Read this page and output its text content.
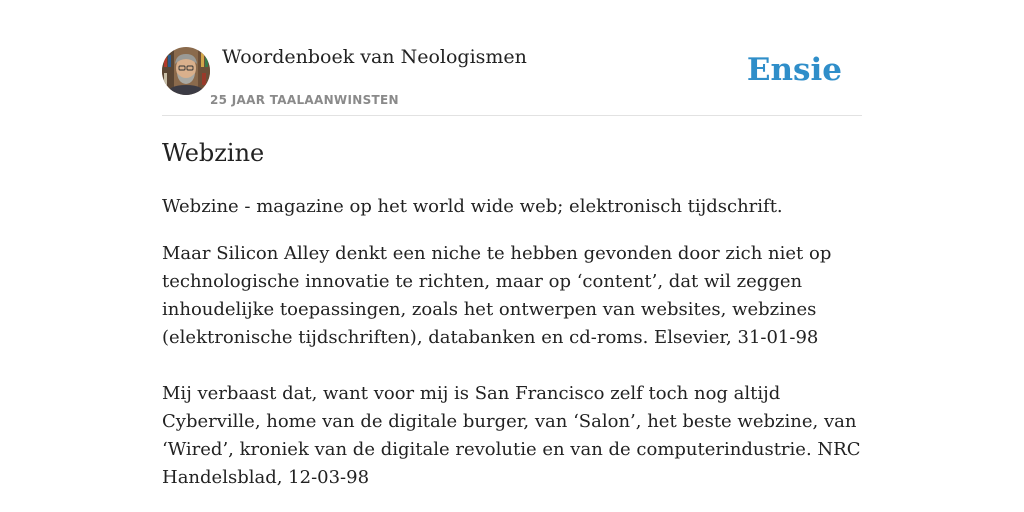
Woordenboek van Neologismen
25 JAAR TAALAANWINSTEN
Ensie
Webzine

Webzine - magazine op het world wide web; elektronisch tijdschrift.

Maar Silicon Alley denkt een niche te hebben gevonden door zich niet op technologische innovatie te richten, maar op ‘content’, dat wil zeggen inhoudelijke toepassingen, zoals het ontwerpen van websites, webzines (elektronische tijdschriften), databanken en cd-roms. Elsevier, 31-01-98

Mij verbaast dat, want voor mij is San Francisco zelf toch nog altijd Cyberville, home van de digitale burger, van ‘Salon’, het beste webzine, van ‘Wired’, kroniek van de digitale revolutie en van de computerindustrie. NRC Handelsblad, 12-03-98
